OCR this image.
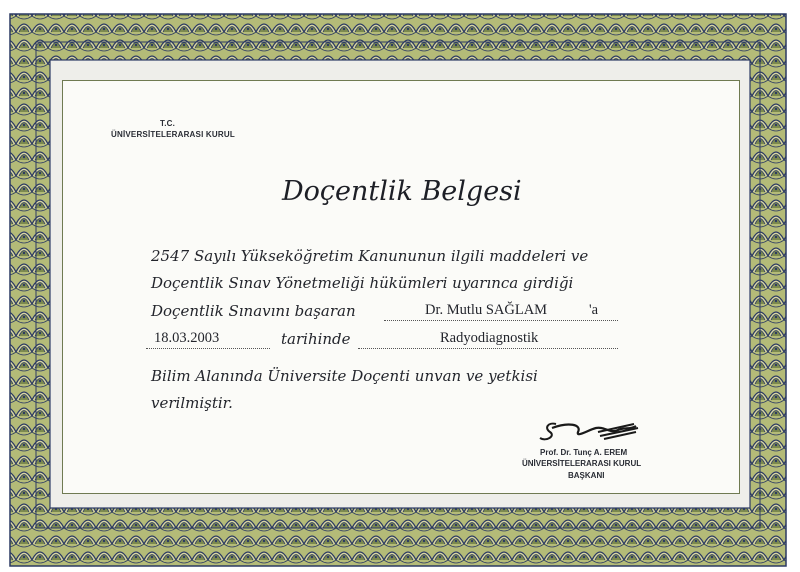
T.C.
ÜNİVERSİTELERARASI KURUL
Doçentlik Belgesi
2547 Sayılı Yükseköğretim Kanununun ilgili maddeleri ve
Doçentlik Sınav Yönetmeliği hükümleri uyarınca girdiği
Doçentlik Sınavını başaran	Dr. Mutlu SAĞLAM	'a
18.03.2003	tarihinde	Radyodiagnostik
Bilim Alanında Üniversite Doçenti unvan ve yetkisi
verilmiştir.
Prof. Dr. Tunç A. EREM
ÜNİVERSİTELERARASI KURUL
BAŞKANI
